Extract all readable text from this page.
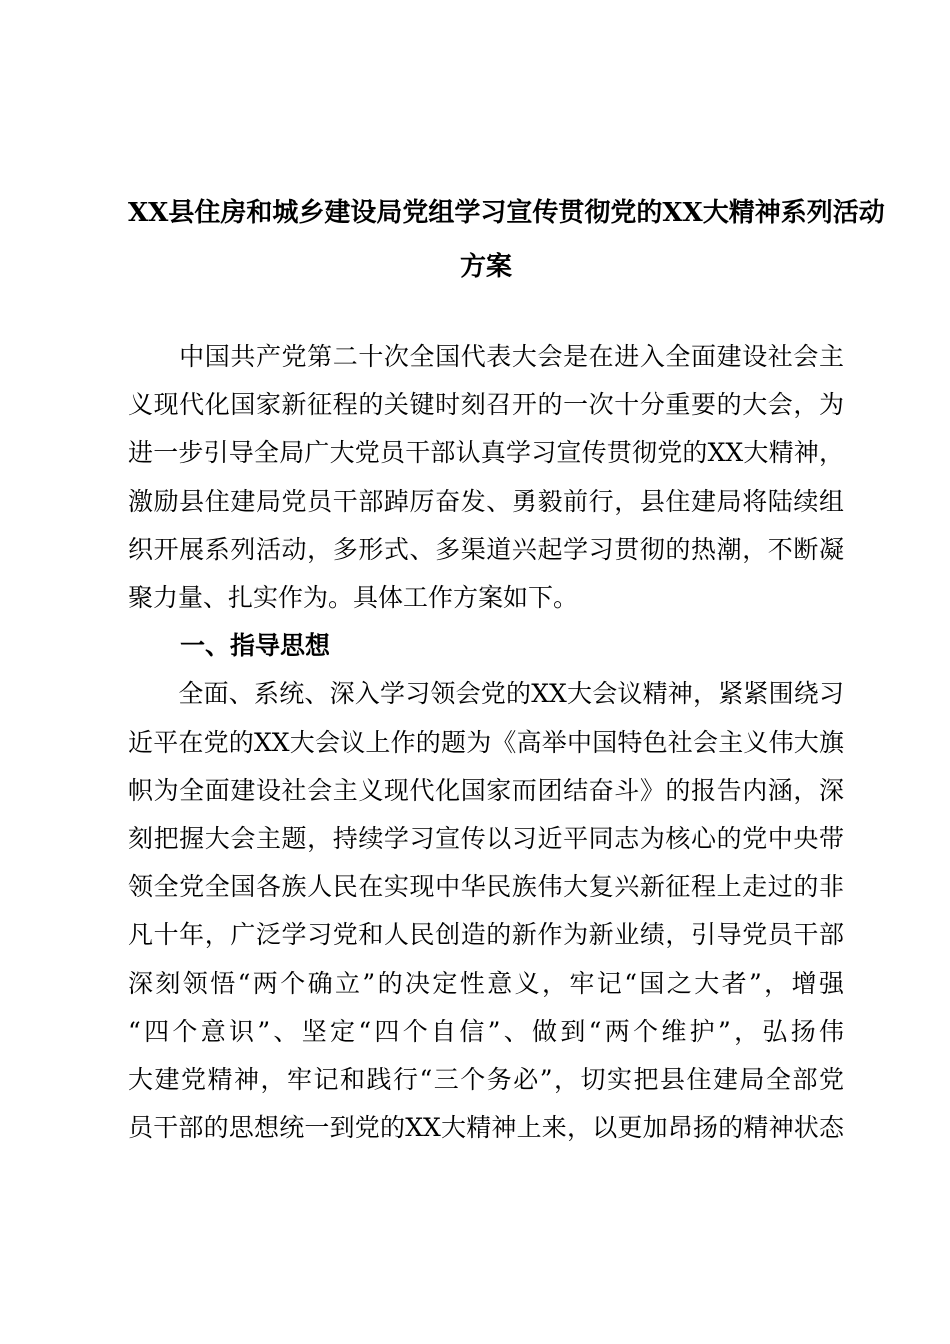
XX县住房和城乡建设局党组学习宣传贯彻党的XX大精神系列活动
方案

　　中国共产党第二十次全国代表大会是在进入全面建设社会主
义现代化国家新征程的关键时刻召开的一次十分重要的大会，为
进一步引导全局广大党员干部认真学习宣传贯彻党的XX大精神，
激励县住建局党员干部踔厉奋发、勇毅前行，县住建局将陆续组
织开展系列活动，多形式、多渠道兴起学习贯彻的热潮，不断凝
聚力量、扎实作为。具体工作方案如下。

一、指导思想

　　全面、系统、深入学习领会党的XX大会议精神，紧紧围绕习
近平在党的XX大会议上作的题为《高举中国特色社会主义伟大旗
帜为全面建设社会主义现代化国家而团结奋斗》的报告内涵，深
刻把握大会主题，持续学习宣传以习近平同志为核心的党中央带
领全党全国各族人民在实现中华民族伟大复兴新征程上走过的非
凡十年，广泛学习党和人民创造的新作为新业绩，引导党员干部
深刻领悟“两个确立”的决定性意义，牢记“国之大者”，增强
“四个意识”、坚定“四个自信”、做到“两个维护”，弘扬伟
大建党精神，牢记和践行“三个务必”，切实把县住建局全部党
员干部的思想统一到党的XX大精神上来，以更加昂扬的精神状态
